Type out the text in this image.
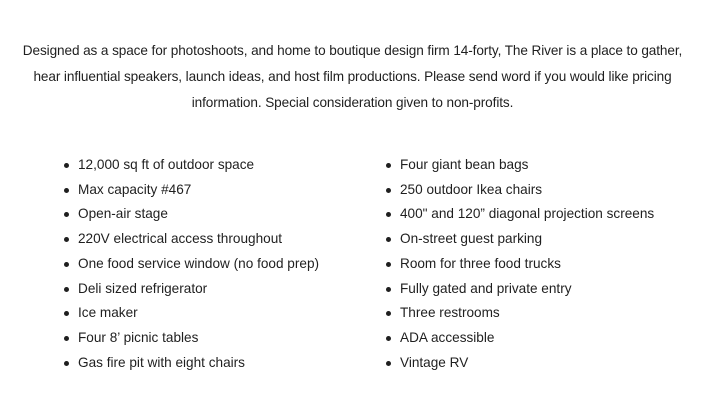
Designed as a space for photoshoots, and home to boutique design firm 14-forty, The River is a place to gather,

hear influential speakers, launch ideas, and host film productions. Please send word if you would like pricing

information. Special consideration given to non-profits.

12,000 sq ft of outdoor space
Max capacity #467
Open-air stage
220V electrical access throughout
One food service window (no food prep)
Deli sized refrigerator
Ice maker
Four 8’ picnic tables
Gas fire pit with eight chairs
Four giant bean bags
250 outdoor Ikea chairs
400" and 120” diagonal projection screens
On-street guest parking
Room for three food trucks
Fully gated and private entry
Three restrooms
ADA accessible
Vintage RV
